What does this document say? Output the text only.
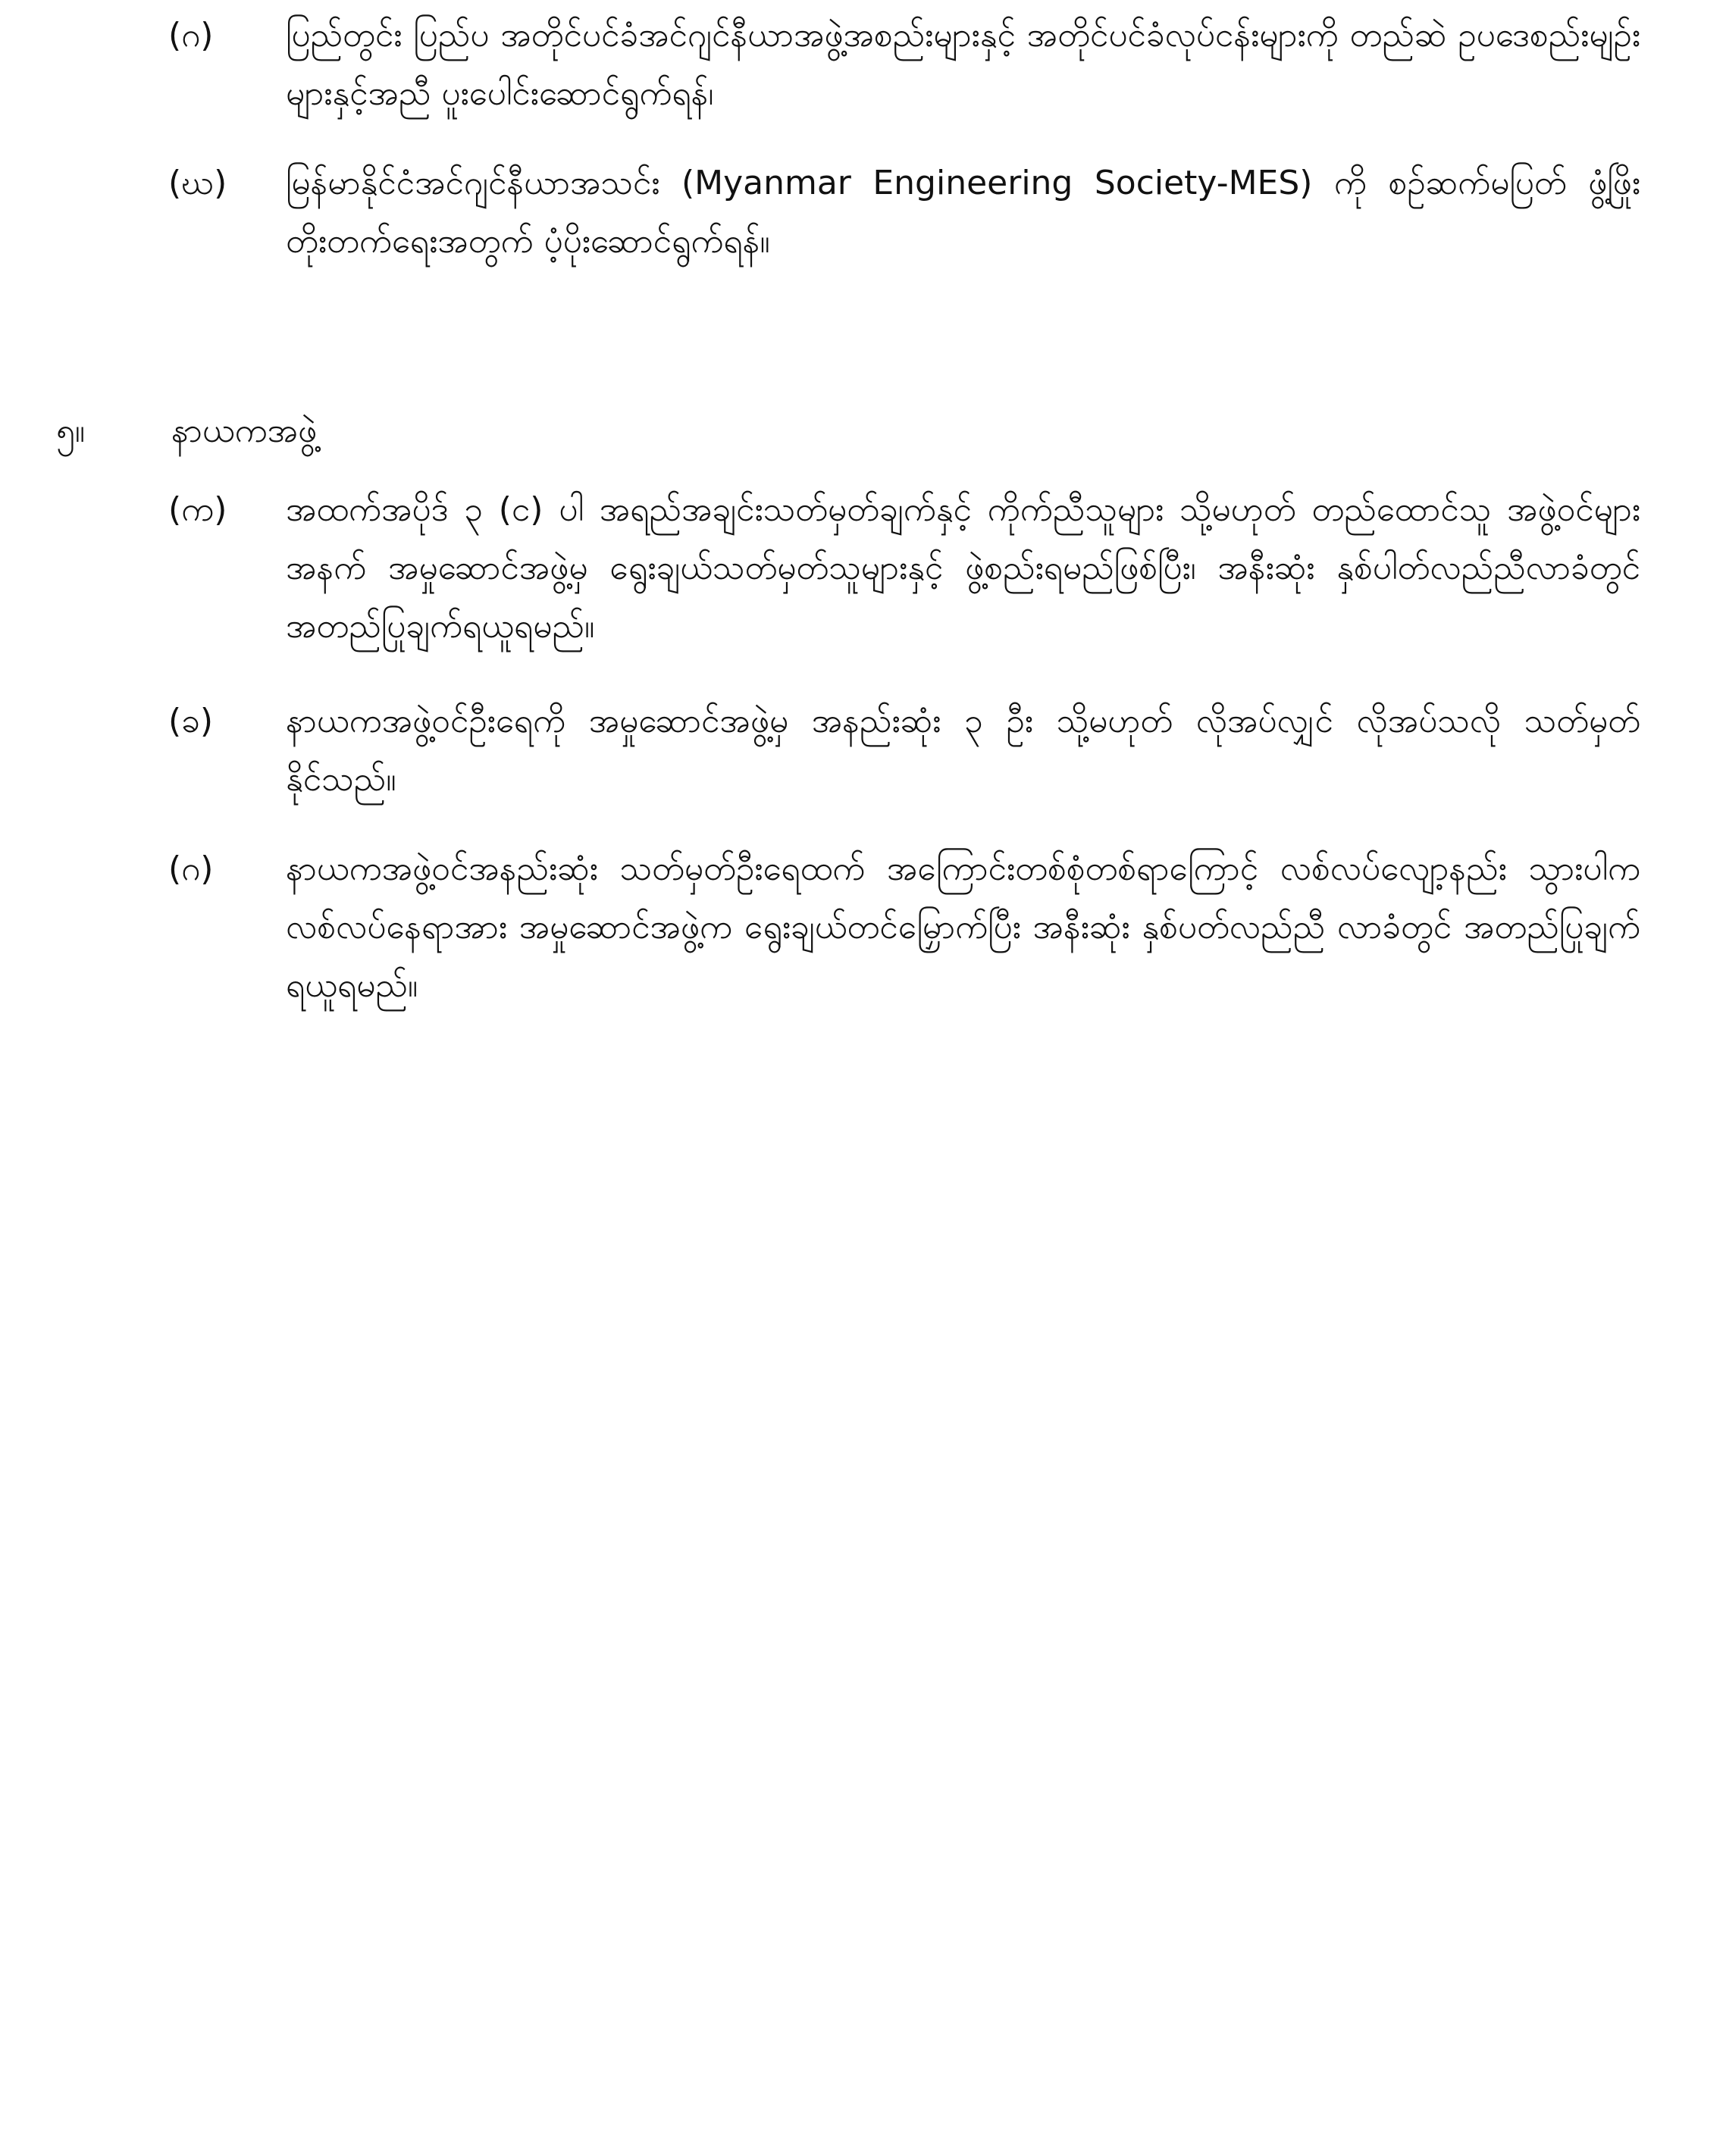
(ဂ) ပြည်တွင်း ပြည်ပ အတိုင်ပင်ခံအင်ဂျင်နီယာအဖွဲ့အစည်းများနှင့် အတိုင်ပင်ခံလုပ်ငန်းများကို တည်ဆဲ ဥပဒေစည်းမျဥ်းများနှင့်အညီ ပူးပေါင်းဆောင်ရွက်ရန်၊
(ဃ) မြန်မာနိုင်ငံအင်ဂျင်နီယာအသင်း (Myanmar Engineering Society-MES) ကို စဉ်ဆက်မပြတ် ဖွံ့ဖြိုးတိုးတက်ရေးအတွက် ပံ့ပိုးဆောင်ရွက်ရန်။
၅။	နာယကအဖွဲ့
(က) အထက်အပိုဒ် ၃ (င) ပါ အရည်အချင်းသတ်မှတ်ချက်နှင့် ကိုက်ညီသူများ သို့မဟုတ် တည်ထောင်သူ အဖွဲ့ဝင်များအနက် အမှုဆောင်အဖွဲ့မှ ရွေးချယ်သတ်မှတ်သူများနှင့် ဖွဲ့စည်းရမည်ဖြစ်ပြီး၊ အနီးဆုံး နှစ်ပါတ်လည်ညီလာခံတွင် အတည်ပြုချက်ရယူရမည်။
(ခ) နာယကအဖွဲ့ဝင်ဦးရေကို အမှုဆောင်အဖွဲ့မှ အနည်းဆုံး ၃ ဦး သို့မဟုတ် လိုအပ်လျှင် လိုအပ်သလို သတ်မှတ်နိုင်သည်။
(ဂ) နာယကအဖွဲ့ဝင်အနည်းဆုံး သတ်မှတ်ဦးရေထက် အကြောင်းတစ်စုံတစ်ရာကြောင့် လစ်လပ်လျော့နည်း သွားပါက လစ်လပ်နေရာအား အမှုဆောင်အဖွဲ့က ရွေးချယ်တင်မြှောက်ပြီး အနီးဆုံး နှစ်ပတ်လည်ညီ လာခံတွင် အတည်ပြုချက်ရယူရမည်။
